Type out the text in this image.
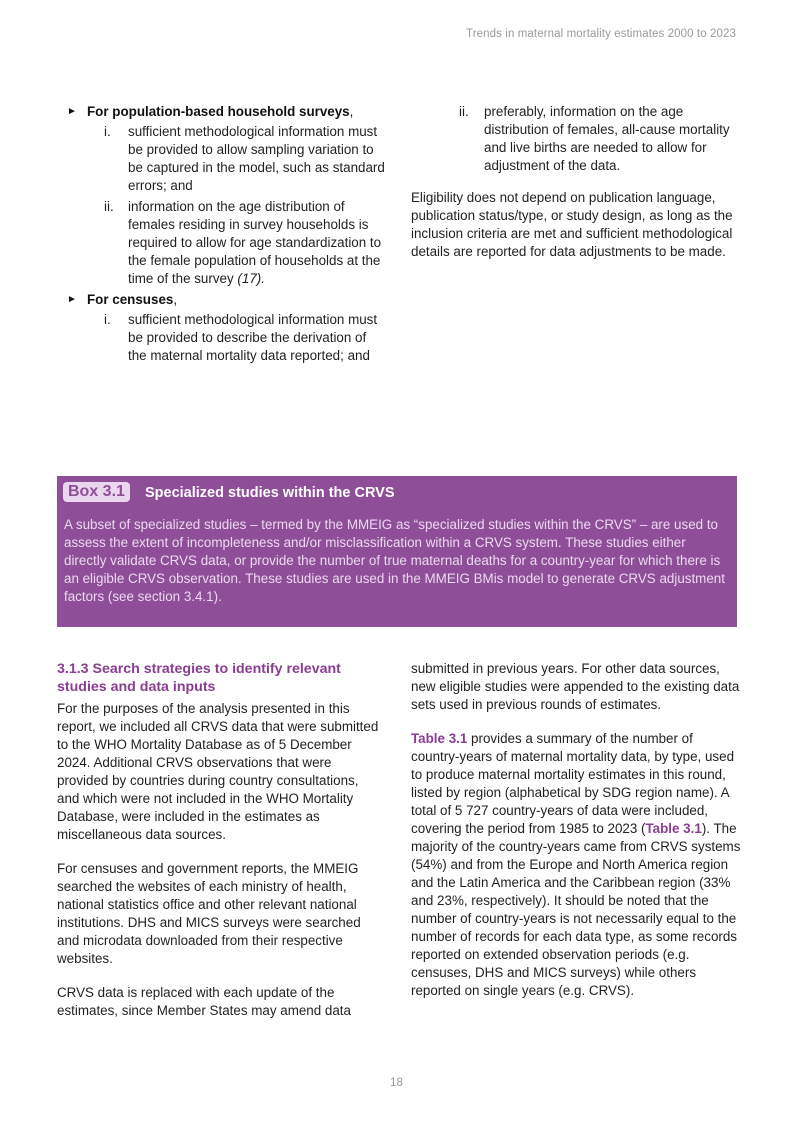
Trends in maternal mortality estimates 2000 to 2023
► For population-based household surveys,
i. sufficient methodological information must be provided to allow sampling variation to be captured in the model, such as standard errors; and
ii. information on the age distribution of females residing in survey households is required to allow for age standardization to the female population of households at the time of the survey (17).
► For censuses,
i. sufficient methodological information must be provided to describe the derivation of the maternal mortality data reported; and
ii. preferably, information on the age distribution of females, all-cause mortality and live births are needed to allow for adjustment of the data.

Eligibility does not depend on publication language, publication status/type, or study design, as long as the inclusion criteria are met and sufficient methodological details are reported for data adjustments to be made.

Box 3.1	Specialized studies within the CRVS
A subset of specialized studies – termed by the MMEIG as “specialized studies within the CRVS” – are used to assess the extent of incompleteness and/or misclassification within a CRVS system. These studies either directly validate CRVS data, or provide the number of true maternal deaths for a country-year for which there is an eligible CRVS observation. These studies are used in the MMEIG BMis model to generate CRVS adjustment factors (see section 3.4.1).
3.1.3 Search strategies to identify relevant studies and data inputs

For the purposes of the analysis presented in this report, we included all CRVS data that were submitted to the WHO Mortality Database as of 5 December 2024. Additional CRVS observations that were provided by countries during country consultations, and which were not included in the WHO Mortality Database, were included in the estimates as miscellaneous data sources.

For censuses and government reports, the MMEIG searched the websites of each ministry of health, national statistics office and other relevant national institutions. DHS and MICS surveys were searched and microdata downloaded from their respective websites.

CRVS data is replaced with each update of the estimates, since Member States may amend data

submitted in previous years. For other data sources, new eligible studies were appended to the existing data sets used in previous rounds of estimates.

Table 3.1 provides a summary of the number of country-years of maternal mortality data, by type, used to produce maternal mortality estimates in this round, listed by region (alphabetical by SDG region name). A total of 5 727 country-years of data were included, covering the period from 1985 to 2023 (Table 3.1). The majority of the country-years came from CRVS systems (54%) and from the Europe and North America region and the Latin America and the Caribbean region (33% and 23%, respectively). It should be noted that the number of country-years is not necessarily equal to the number of records for each data type, as some records reported on extended observation periods (e.g. censuses, DHS and MICS surveys) while others reported on single years (e.g. CRVS).

18
